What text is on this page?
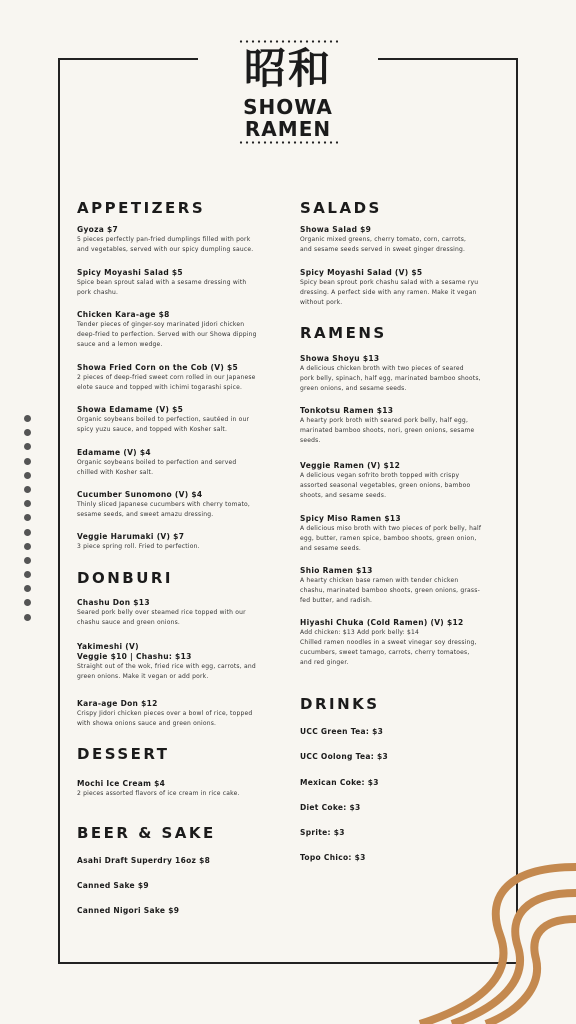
昭和
SHOWA
RAMEN
APPETIZERS

Gyoza $7

5 pieces perfectly pan-fried dumplings filled with pork

and vegetables, served with our spicy dumpling sauce.

Spicy Moyashi Salad $5

Spice bean sprout salad with a sesame dressing with

pork chashu.

Chicken Kara-age $8

Tender pieces of ginger-soy marinated Jidori chicken

deep-fried to perfection. Served with our Showa dipping

sauce and a lemon wedge.

Showa Fried Corn on the Cob (V) $5

2 pieces of deep-fried sweet corn rolled in our Japanese

elote sauce and topped with ichimi togarashi spice.

Showa Edamame (V) $5

Organic soybeans boiled to perfection, sautéed in our

spicy yuzu sauce, and topped with Kosher salt.

Edamame (V) $4

Organic soybeans boiled to perfection and served

chilled with Kosher salt.

Cucumber Sunomono (V) $4

Thinly sliced Japanese cucumbers with cherry tomato,

sesame seeds, and sweet amazu dressing.

Veggie Harumaki (V) $7

3 piece spring roll. Fried to perfection.

DONBURI

Chashu Don $13

Seared pork belly over steamed rice topped with our

chashu sauce and green onions.

Yakimeshi (V)

Veggie $10 | Chashu: $13

Straight out of the wok, fried rice with egg, carrots, and

green onions. Make it vegan or add pork.

Kara-age Don $12

Crispy Jidori chicken pieces over a bowl of rice, topped

with showa onions sauce and green onions.

DESSERT

Mochi Ice Cream $4

2 pieces assorted flavors of ice cream in rice cake.

BEER & SAKE

Asahi Draft Superdry 16oz $8

Canned Sake $9

Canned Nigori Sake $9

SALADS

Showa Salad $9

Organic mixed greens, cherry tomato, corn, carrots,

and sesame seeds served in sweet ginger dressing.

Spicy Moyashi Salad (V) $5

Spicy bean sprout pork chashu salad with a sesame ryu

dressing. A perfect side with any ramen. Make it vegan

without pork.

RAMENS

Showa Shoyu $13

A delicious chicken broth with two pieces of seared

pork belly, spinach, half egg, marinated bamboo shoots,

green onions, and sesame seeds.

Tonkotsu Ramen $13

A hearty pork broth with seared pork belly, half egg,

marinated bamboo shoots, nori, green onions, sesame

seeds.

Veggie Ramen (V) $12

A delicious vegan sofrito broth topped with crispy

assorted seasonal vegetables, green onions, bamboo

shoots, and sesame seeds.

Spicy Miso Ramen $13

A delicious miso broth with two pieces of pork belly, half

egg, butter, ramen spice, bamboo shoots, green onion,

and sesame seeds.

Shio Ramen $13

A hearty chicken base ramen with tender chicken

chashu, marinated bamboo shoots, green onions, grass-

fed butter, and radish.

Hiyashi Chuka (Cold Ramen) (V) $12

Add chicken: $13 Add pork belly: $14

Chilled ramen noodles in a sweet vinegar soy dressing,

cucumbers, sweet tamago, carrots, cherry tomatoes,

and red ginger.

DRINKS

UCC Green Tea: $3

UCC Oolong Tea: $3

Mexican Coke: $3

Diet Coke: $3

Sprite: $3

Topo Chico: $3
